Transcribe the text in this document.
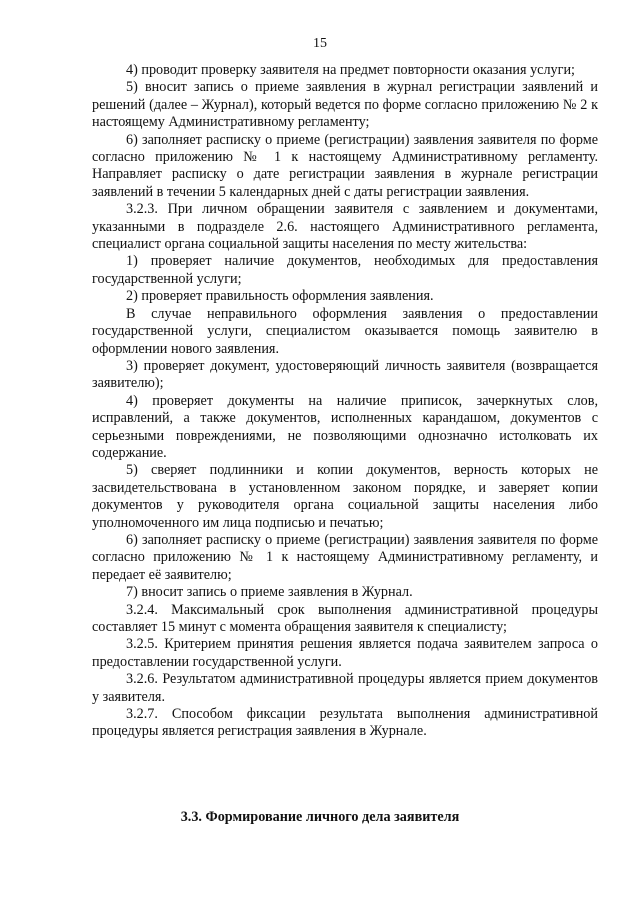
15

4) проводит проверку заявителя на предмет повторности оказания услуги;

5) вносит запись о приеме заявления в журнал регистрации заявлений и решений (далее – Журнал), который ведется по форме согласно приложению № 2 к настоящему Административному регламенту;

6) заполняет расписку о приеме (регистрации) заявления заявителя по форме согласно приложению № 1 к настоящему Административному регламенту. Направляет расписку о дате регистрации заявления в журнале регистрации заявлений в течении 5 календарных дней с даты регистрации заявления.

3.2.3. При личном обращении заявителя с заявлением и документами, указанными в подразделе 2.6. настоящего Административного регламента, специалист органа социальной защиты населения по месту жительства:

1) проверяет наличие документов, необходимых для предоставления государственной услуги;

2) проверяет правильность оформления заявления.

В случае неправильного оформления заявления о предоставлении государственной услуги, специалистом оказывается помощь заявителю в оформлении нового заявления.

3) проверяет документ, удостоверяющий личность заявителя (возвращается заявителю);

4) проверяет документы на наличие приписок, зачеркнутых слов, исправлений, а также документов, исполненных карандашом, документов с серьезными повреждениями, не позволяющими однозначно истолковать их содержание.

5) сверяет подлинники и копии документов, верность которых не засвидетельствована в установленном законом порядке, и заверяет копии документов у руководителя органа социальной защиты населения либо уполномоченного им лица подписью и печатью;

6) заполняет расписку о приеме (регистрации) заявления заявителя по форме согласно приложению № 1 к настоящему Административному регламенту, и передает её заявителю;

7) вносит запись о приеме заявления в Журнал.

3.2.4. Максимальный срок выполнения административной процедуры составляет 15 минут с момента обращения заявителя к специалисту;

3.2.5. Критерием принятия решения является подача заявителем запроса о предоставлении государственной услуги.

3.2.6. Результатом административной процедуры является прием документов у заявителя.

3.2.7. Способом фиксации результата выполнения административной процедуры является регистрация заявления в Журнале.

3.3. Формирование личного дела заявителя
